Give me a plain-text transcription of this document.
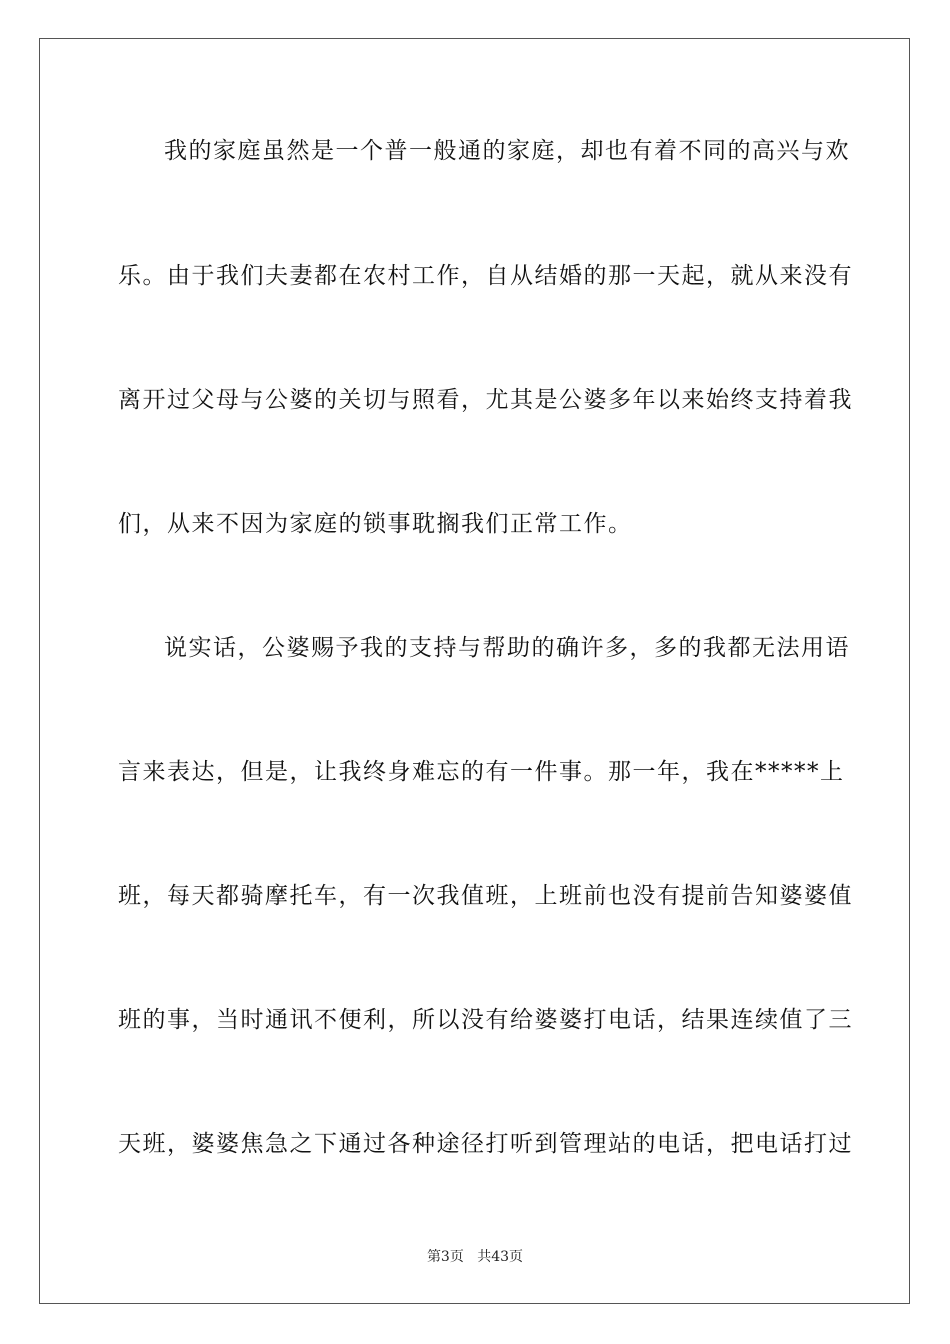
我的家庭虽然是一个普一般通的家庭，却也有着不同的高兴与欢
乐。由于我们夫妻都在农村工作，自从结婚的那一天起，就从来没有
离开过父母与公婆的关切与照看，尤其是公婆多年以来始终支持着我
们，从来不因为家庭的锁事耽搁我们正常工作。
说实话，公婆赐予我的支持与帮助的确许多，多的我都无法用语
言来表达，但是，让我终身难忘的有一件事。那一年，我在*****上
班，每天都骑摩托车，有一次我值班，上班前也没有提前告知婆婆值
班的事，当时通讯不便利，所以没有给婆婆打电话，结果连续值了三
天班，婆婆焦急之下通过各种途径打听到管理站的电话，把电话打过
第3页 共43页
